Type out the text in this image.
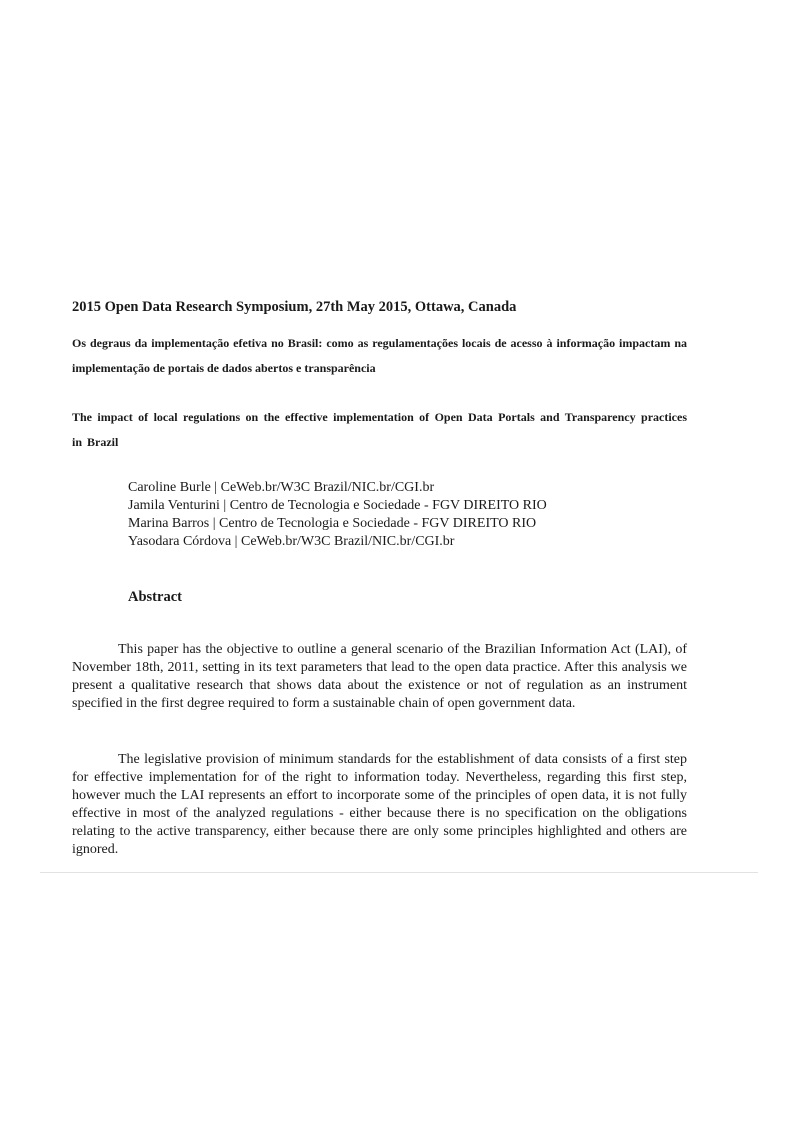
2015 Open Data Research Symposium, 27th May 2015, Ottawa, Canada
Os degraus da implementação efetiva no Brasil: como as regulamentações locais de acesso à informação impactam na implementação de portais de dados abertos e transparência
The impact of local regulations on the effective implementation of Open Data Portals and Transparency practices in Brazil
Caroline Burle | CeWeb.br/W3C Brazil/NIC.br/CGI.br
Jamila Venturini | Centro de Tecnologia e Sociedade - FGV DIREITO RIO
Marina Barros | Centro de Tecnologia e Sociedade - FGV DIREITO RIO
Yasodara Córdova | CeWeb.br/W3C Brazil/NIC.br/CGI.br
Abstract

This paper has the objective to outline a general scenario of the Brazilian Information Act (LAI), of November 18th, 2011, setting in its text parameters that lead to the open data practice. After this analysis we present a qualitative research that shows data about the existence or not of regulation as an instrument specified in the first degree required to form a sustainable chain of open government data.

The legislative provision of minimum standards for the establishment of data consists of a first step for effective implementation for of the right to information today. Nevertheless, regarding this first step, however much the LAI represents an effort to incorporate some of the principles of open data, it is not fully effective in most of the analyzed regulations - either because there is no specification on the obligations relating to the active transparency, either because there are only some principles highlighted and others are ignored.
